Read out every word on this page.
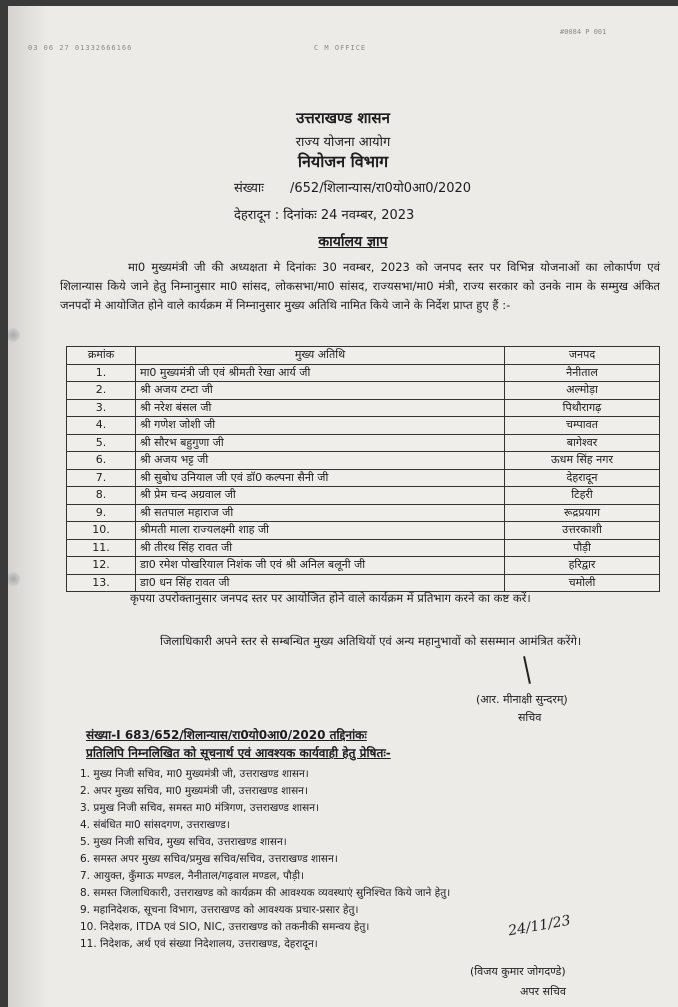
#0084 P 001
03 06 27 01332666166	C M OFFICE
उत्तराखण्ड शासन
राज्य योजना आयोग
नियोजन विभाग
संख्याः /652/शिलान्यास/रा0यो0आ0/2020
देहरादून : दिनांकः 24 नवम्बर, 2023
कार्यालय ज्ञाप
मा0 मुख्यमंत्री जी की अध्यक्षता मे दिनांकः 30 नवम्बर, 2023 को जनपद स्तर पर विभिन्न योजनाओं का लोकार्पण एवं शिलान्यास किये जाने हेतु निम्नानुसार मा0 सांसद, लोकसभा/मा0 सांसद, राज्यसभा/मा0 मंत्री, राज्य सरकार को उनके नाम के सम्मुख अंकित जनपदों मे आयोजित होने वाले कार्यक्रम में निम्नानुसार मुख्य अतिथि नामित किये जाने के निर्देश प्राप्त हुए हैं :-
क्रमांक	मुख्य अतिथि	जनपद
1.	मा0 मुख्यमंत्री जी एवं श्रीमती रेखा आर्य जी	नैनीताल
2.	श्री अजय टम्टा जी	अल्मोड़ा
3.	श्री नरेश बंसल जी	पिथौरागढ़
4.	श्री गणेश जोशी जी	चम्पावत
5.	श्री सौरभ बहुगुणा जी	बागेश्वर
6.	श्री अजय भट्ट जी	ऊधम सिंह नगर
7.	श्री सुबोध उनियाल जी एवं डॉ0 कल्पना सैनी जी	देहरादून
8.	श्री प्रेम चन्द अग्रवाल जी	टिहरी
9.	श्री सतपाल महाराज जी	रूद्रप्रयाग
10.	श्रीमती माला राज्यलक्ष्मी शाह जी	उत्तरकाशी
11.	श्री तीरथ सिंह रावत जी	पौड़ी
12.	डा0 रमेश पोखरियाल निशंक जी एवं श्री अनिल बलूनी जी	हरिद्वार
13.	डा0 धन सिंह रावत जी	चमोली
कृपया उपरोक्तानुसार जनपद स्तर पर आयोजित होने वाले कार्यक्रम में प्रतिभाग करने का कष्ट करें।
जिलाधिकारी अपने स्तर से सम्बन्धित मुख्य अतिथियों एवं अन्य महानुभावों को ससम्मान आमंत्रित करेंगे।
(आर. मीनाक्षी सुन्दरम्)
सचिव
संख्या-I 683/652/शिलान्यास/रा0यो0आ0/2020 तद्दिनांकः
प्रतिलिपि निम्नलिखित को सूचनार्थ एवं आवश्यक कार्यवाही हेतु प्रेषितः-
1. मुख्य निजी सचिव, मा0 मुख्यमंत्री जी, उत्तराखण्ड शासन।
2. अपर मुख्य सचिव, मा0 मुख्यमंत्री जी, उत्तराखण्ड शासन।
3. प्रमुख निजी सचिव, समस्त मा0 मंत्रिगण, उत्तराखण्ड शासन।
4. संबंधित मा0 सांसदगण, उत्तराखण्ड।
5. मुख्य निजी सचिव, मुख्य सचिव, उत्तराखण्ड शासन।
6. समस्त अपर मुख्य सचिव/प्रमुख सचिव/सचिव, उत्तराखण्ड शासन।
7. आयुक्त, कुँमाऊ मण्डल, नैनीताल/गढ़वाल मण्डल, पौड़ी।
8. समस्त जिलाधिकारी, उत्तराखण्ड को कार्यक्रम की आवश्यक व्यवस्थाएं सुनिश्चित किये जाने हेतु।
9. महानिदेशक, सूचना विभाग, उत्तराखण्ड को आवश्यक प्रचार-प्रसार हेतु।
10. निदेशक, ITDA एवं SIO, NIC, उत्तराखण्ड को तकनीकी समन्वय हेतु।
11. निदेशक, अर्थ एवं संख्या निदेशालय, उत्तराखण्ड, देहरादून।
24/11/23
(विजय कुमार जोगदण्डे)
अपर सचिव
